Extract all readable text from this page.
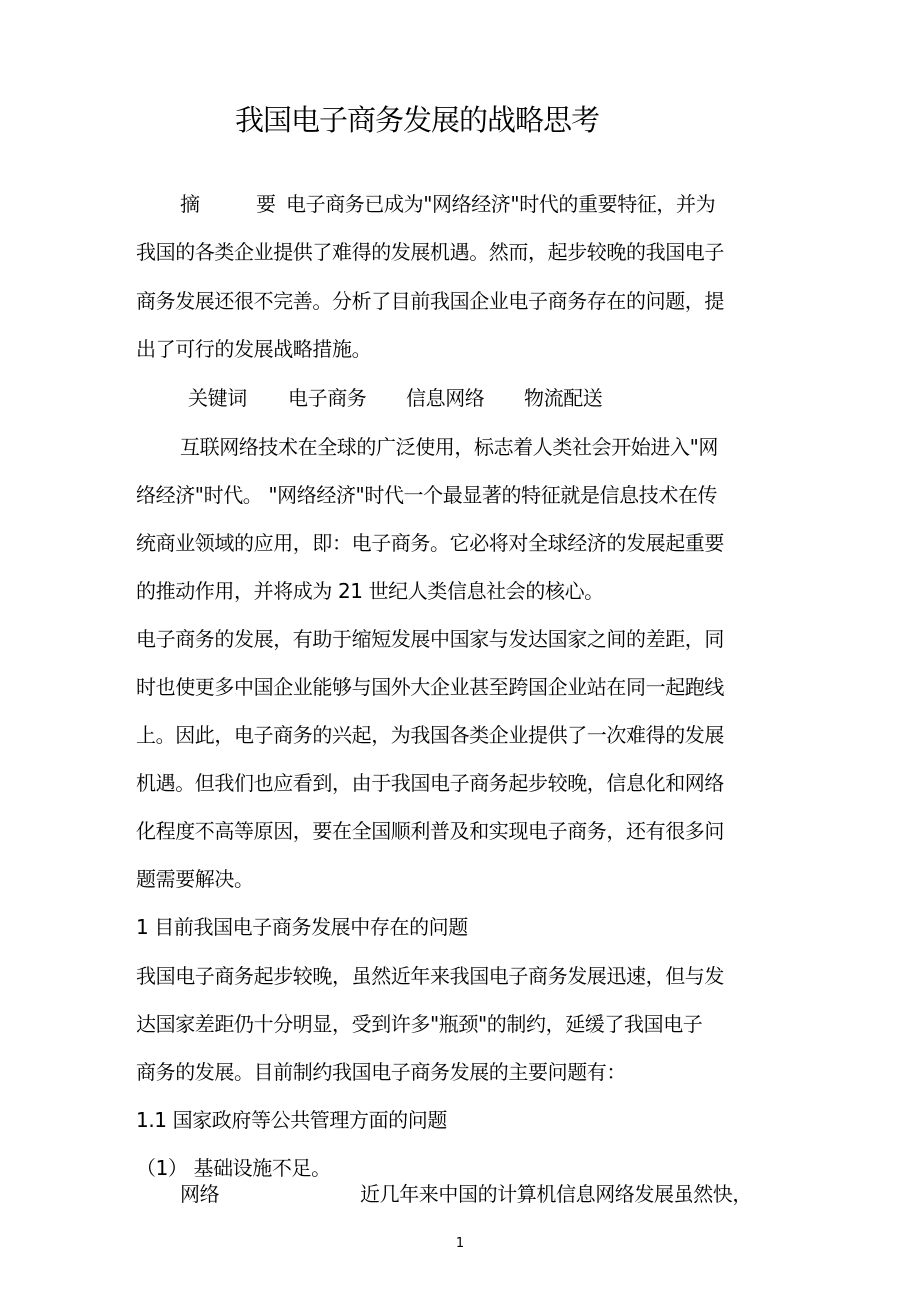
我国电子商务发展的战略思考
摘　要电子商务已成为"网络经济"时代的重要特征，并为
我国的各类企业提供了难得的发展机遇。然而，起步较晚的我国电子
商务发展还很不完善。分析了目前我国企业电子商务存在的问题，提
出了可行的发展战略措施。
关键词 电子商务 信息网络 物流配送
互联网络技术在全球的广泛使用，标志着人类社会开始进入"网
络经济"时代。 "网络经济"时代一个最显著的特征就是信息技术在传
统商业领域的应用，即：电子商务。它必将对全球经济的发展起重要
的推动作用，并将成为 21 世纪人类信息社会的核心。
电子商务的发展，有助于缩短发展中国家与发达国家之间的差距，同
时也使更多中国企业能够与国外大企业甚至跨国企业站在同一起跑线
上。因此，电子商务的兴起，为我国各类企业提供了一次难得的发展
机遇。但我们也应看到，由于我国电子商务起步较晚，信息化和网络
化程度不高等原因，要在全国顺利普及和实现电子商务，还有很多问
题需要解决。
1 目前我国电子商务发展中存在的问题
我国电子商务起步较晚，虽然近年来我国电子商务发展迅速，但与发
达国家差距仍十分明显，受到许多"瓶颈"的制约，延缓了我国电子
商务的发展。目前制约我国电子商务发展的主要问题有：
1.1 国家政府等公共管理方面的问题
（1） 基础设施不足。
网络	近几年来中国的计算机信息网络发展虽然快，
1
